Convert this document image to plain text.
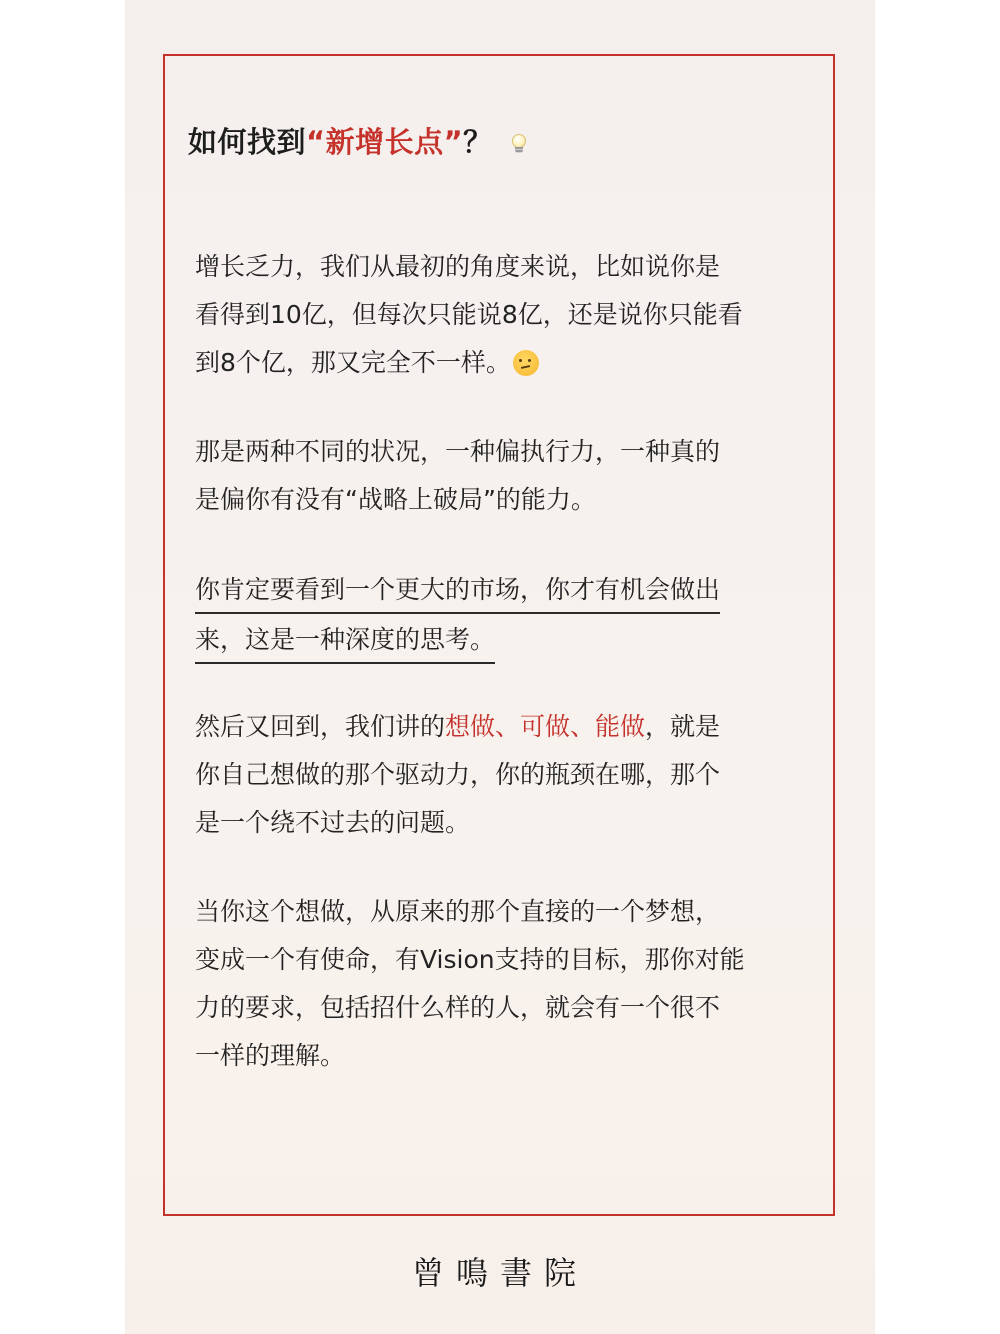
如何找到“新增长点”？
增长乏力，我们从最初的角度来说，比如说你是
看得到10亿，但每次只能说8亿，还是说你只能看
到8个亿，那又完全不一样。
那是两种不同的状况，一种偏执行力，一种真的
是偏你有没有“战略上破局”的能力。
你肯定要看到一个更大的市场，你才有机会做出
来，这是一种深度的思考。
然后又回到，我们讲的想做、可做、能做，就是
你自己想做的那个驱动力，你的瓶颈在哪，那个
是一个绕不过去的问题。
当你这个想做，从原来的那个直接的一个梦想，
变成一个有使命，有Vision支持的目标，那你对能
力的要求，包括招什么样的人，就会有一个很不
一样的理解。
曾鳴書院
